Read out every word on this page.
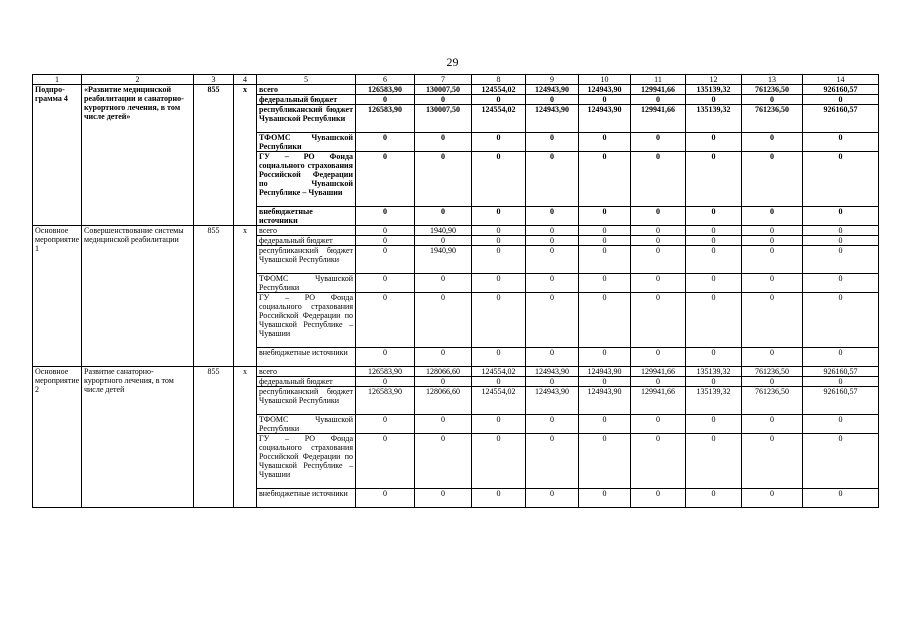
29
1	2	3	4	5	6	7	8	9	10	11	12	13	14
Подпро-грамма 4	«Развитие медицинской реабилитации и санаторно-курортного лечения, в том числе детей»	855	х	всего	126583,90	130007,50	124554,02	124943,90	124943,90	129941,66	135139,32	761236,50	926160,57
				федеральный бюджет	0	0	0	0	0	0	0	0	0
				республиканский бюджет Чувашской Республики	126583,90	130007,50	124554,02	124943,90	124943,90	129941,66	135139,32	761236,50	926160,57
				ТФОМС Чувашской Республики	0	0	0	0	0	0	0	0	0
				ГУ – РО Фонда социального страхования Российской Федерации по Чувашской Республике – Чувашии	0	0	0	0	0	0	0	0	0
				внебюджетные источники	0	0	0	0	0	0	0	0	0
Основное мероприятие 1	Совершенствование системы медицинской реабилитации	855	х	всего	0	1940,90	0	0	0	0	0	0	0
				федеральный бюджет	0	0	0	0	0	0	0	0	0
				республиканский бюджет Чувашской Республики	0	1940,90	0	0	0	0	0	0	0
				ТФОМС Чувашской Республики	0	0	0	0	0	0	0	0	0
				ГУ – РО Фонда социального страхования Российской Федерации по Чувашской Республике – Чувашии	0	0	0	0	0	0	0	0	0
				внебюджетные источники	0	0	0	0	0	0	0	0	0
Основное мероприятие 2	Развитие санаторно-курортного лечения, в том числе детей	855	х	всего	126583,90	128066,60	124554,02	124943,90	124943,90	129941,66	135139,32	761236,50	926160,57
				федеральный бюджет	0	0	0	0	0	0	0	0	0
				республиканский бюджет Чувашской Республики	126583,90	128066,60	124554,02	124943,90	124943,90	129941,66	135139,32	761236,50	926160,57
				ТФОМС Чувашской Республики	0	0	0	0	0	0	0	0	0
				ГУ – РО Фонда социального страхования Российской Федерации по Чувашской Республике – Чувашии	0	0	0	0	0	0	0	0	0
				внебюджетные источники	0	0	0	0	0	0	0	0	0
